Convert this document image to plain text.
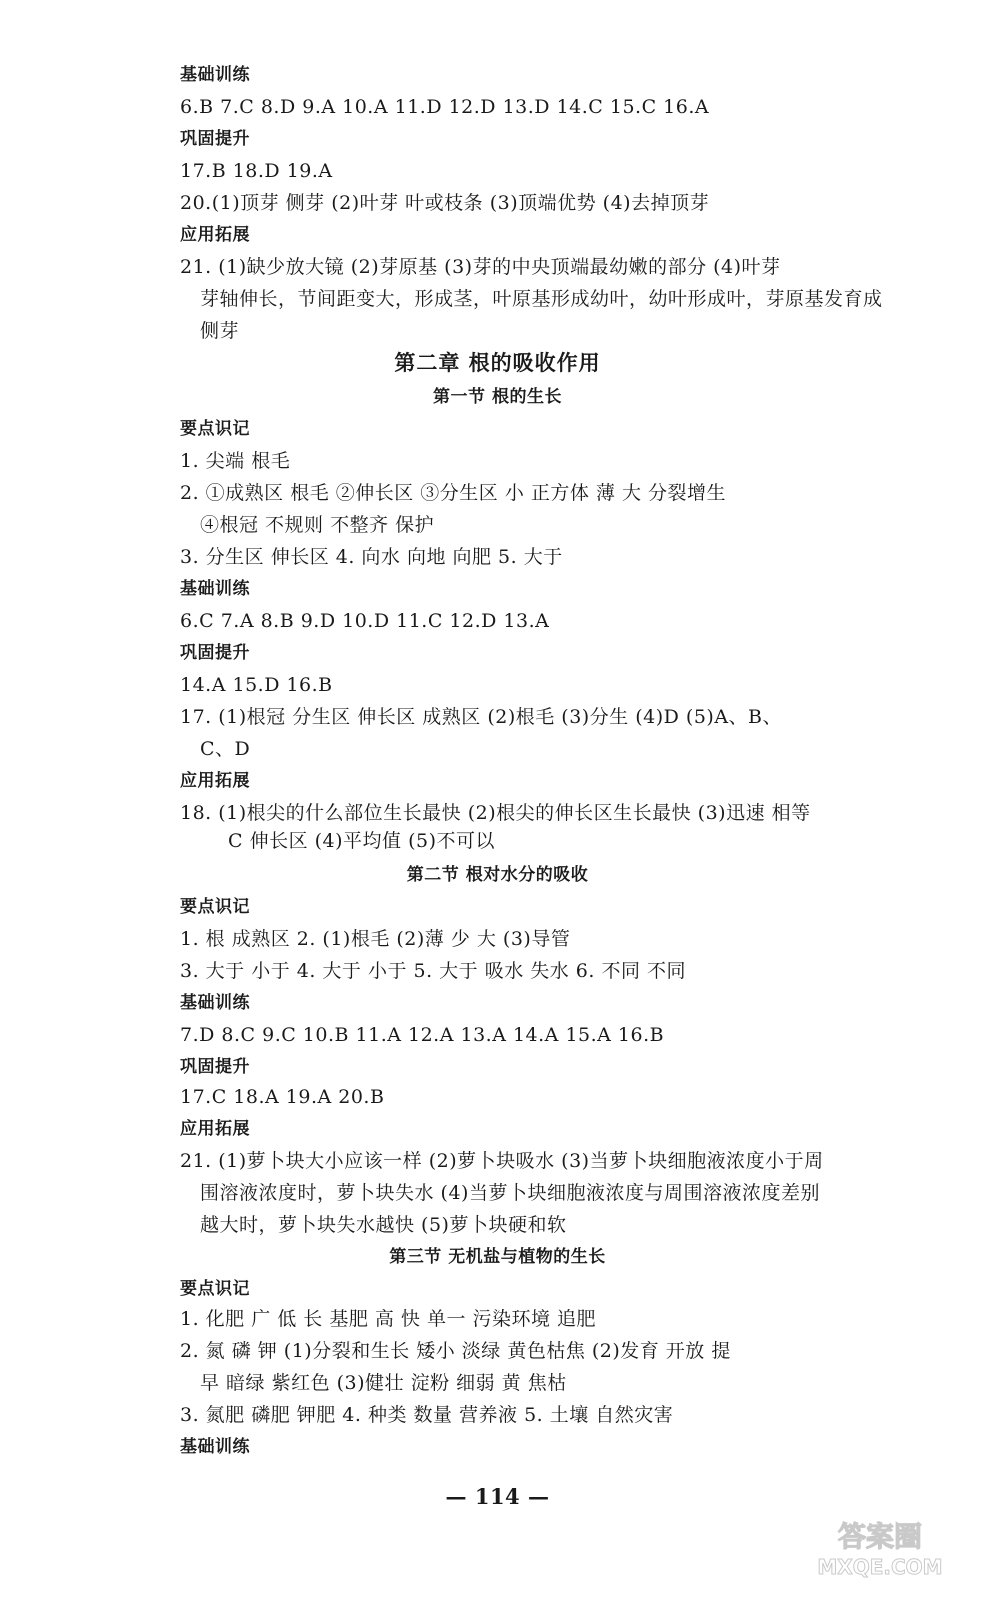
基础训练
6.B 7.C 8.D 9.A 10.A 11.D 12.D 13.D 14.C 15.C 16.A
巩固提升
17.B 18.D 19.A
20.(1)顶芽 侧芽 (2)叶芽 叶或枝条 (3)顶端优势 (4)去掉顶芽
应用拓展
21. (1)缺少放大镜 (2)芽原基 (3)芽的中央顶端最幼嫩的部分 (4)叶芽
芽轴伸长，节间距变大，形成茎，叶原基形成幼叶，幼叶形成叶，芽原基发育成
侧芽
第二章 根的吸收作用
第一节 根的生长
要点识记
1. 尖端 根毛
2. ①成熟区 根毛 ②伸长区 ③分生区 小 正方体 薄 大 分裂增生
④根冠 不规则 不整齐 保护
3. 分生区 伸长区 4. 向水 向地 向肥 5. 大于
基础训练
6.C 7.A 8.B 9.D 10.D 11.C 12.D 13.A
巩固提升
14.A 15.D 16.B
17. (1)根冠 分生区 伸长区 成熟区 (2)根毛 (3)分生 (4)D (5)A、B、
C、D
应用拓展
18. (1)根尖的什么部位生长最快 (2)根尖的伸长区生长最快 (3)迅速 相等
C 伸长区 (4)平均值 (5)不可以
第二节 根对水分的吸收
要点识记
1. 根 成熟区 2. (1)根毛 (2)薄 少 大 (3)导管
3. 大于 小于 4. 大于 小于 5. 大于 吸水 失水 6. 不同 不同
基础训练
7.D 8.C 9.C 10.B 11.A 12.A 13.A 14.A 15.A 16.B
巩固提升
17.C 18.A 19.A 20.B
应用拓展
21. (1)萝卜块大小应该一样 (2)萝卜块吸水 (3)当萝卜块细胞液浓度小于周
围溶液浓度时，萝卜块失水 (4)当萝卜块细胞液浓度与周围溶液浓度差别
越大时，萝卜块失水越快 (5)萝卜块硬和软
第三节 无机盐与植物的生长
要点识记
1. 化肥 广 低 长 基肥 高 快 单一 污染环境 追肥
2. 氮 磷 钾 (1)分裂和生长 矮小 淡绿 黄色枯焦 (2)发育 开放 提
早 暗绿 紫红色 (3)健壮 淀粉 细弱 黄 焦枯
3. 氮肥 磷肥 钾肥 4. 种类 数量 营养液 5. 土壤 自然灾害
基础训练
— 114 —
答案圈
MXQE.COM
